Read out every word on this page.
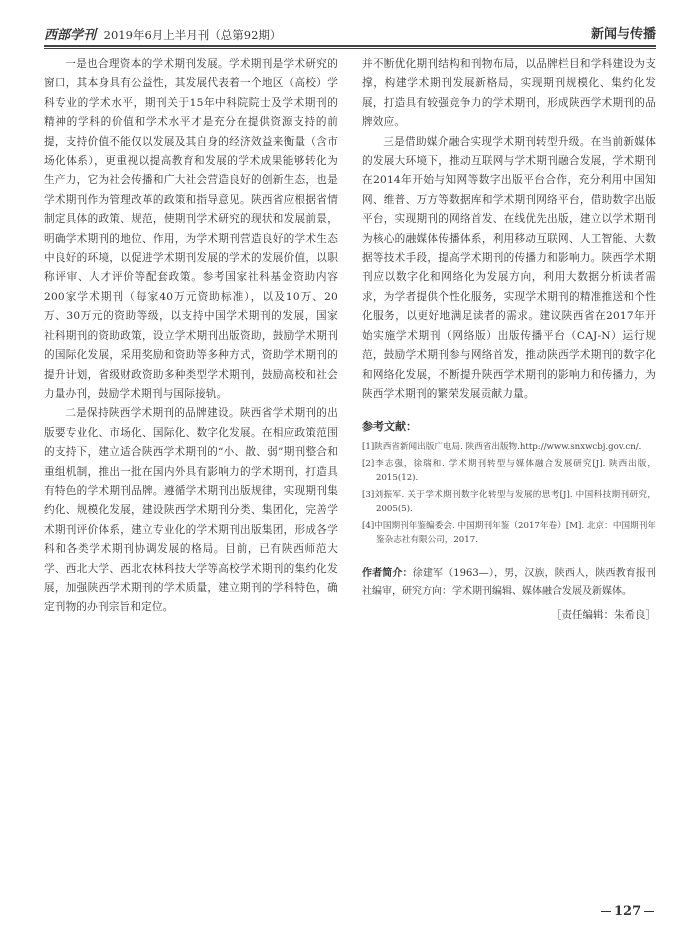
西部学刊 2019年6月上半月刊（总第92期）	新闻与传播

一是也合理资本的学术期刊发展。学术期刊是学术研究的窗口，其本身具有公益性，其发展代表着一个地区（高校）学科专业的学术水平，期刊关于15年中科院院士及学术期刊的精神的学科的价值和学术水平才是充分在提供资源支持的前提，支持价值不能仅以发展及其自身的经济效益来衡量（含市场化体系），更重视以提高教育和发展的学术成果能够转化为生产力，它为社会传播和广大社会营造良好的创新生态，也是学术期刊作为管理改革的政策和指导意见。陕西省应根据省情制定具体的政策、规范，使期刊学术研究的现状和发展前景，明确学术期刊的地位、作用，为学术期刊营造良好的学术生态中良好的环境，以促进学术期刊发展的学术的发展价值，以职称评审、人才评价等配套政策。参考国家社科基金资助内容200家学术期刊（每家40万元资助标准），以及10万、20万、30万元的资助等级，以支持中国学术期刊的发展，国家社科期刊的资助政策，设立学术期刊出版资助，鼓励学术期刊的国际化发展，采用奖励和资助等多种方式，资助学术期刊的提升计划，省级财政资助多种类型学术期刊，鼓励高校和社会力量办刊，鼓励学术期刊与国际接轨。

二是保持陕西学术期刊的品牌建设。陕西省学术期刊的出版要专业化、市场化、国际化、数字化发展。在相应政策范围的支持下，建立适合陕西学术期刊的“小、散、弱”期刊整合和重组机制，推出一批在国内外具有影响力的学术期刊，打造具有特色的学术期刊品牌。遵循学术期刊出版规律，实现期刊集约化、规模化发展，建设陕西学术期刊分类、集团化，完善学术期刊评价体系，建立专业化的学术期刊出版集团，形成各学科和各类学术期刊协调发展的格局。目前，已有陕西师范大学、西北大学、西北农林科技大学等高校学术期刊的集约化发展，加强陕西学术期刊的学术质量，建立期刊的学科特色，确定刊物的办刊宗旨和定位。

并不断优化期刊结构和刊物布局，以品牌栏目和学科建设为支撑，构建学术期刊发展新格局，实现期刊规模化、集约化发展，打造具有较强竞争力的学术期刊，形成陕西学术期刊的品牌效应。

三是借助媒介融合实现学术期刊转型升级。在当前新媒体的发展大环境下，推动互联网与学术期刊融合发展，学术期刊在2014年开始与知网等数字出版平台合作，充分利用中国知网、维普、万方等数据库和学术期刊网络平台，借助数字出版平台，实现期刊的网络首发、在线优先出版，建立以学术期刊为核心的融媒体传播体系，利用移动互联网、人工智能、大数据等技术手段，提高学术期刊的传播力和影响力。陕西学术期刊应以数字化和网络化为发展方向，利用大数据分析读者需求，为学者提供个性化服务，实现学术期刊的精准推送和个性化服务，以更好地满足读者的需求。建议陕西省在2017年开始实施学术期刊（网络版）出版传播平台（CAJ-N）运行规范，鼓励学术期刊参与网络首发，推动陕西学术期刊的数字化和网络化发展，不断提升陕西学术期刊的影响力和传播力，为陕西学术期刊的繁荣发展贡献力量。

参考文献：

[1]陕西省新闻出版广电局. 陕西省出版物.http://www.snxwcbj.gov.cn/.

[2]李志强，徐瑞和. 学术期刊转型与媒体融合发展研究[J]. 陕西出版，2015(12).

[3]刘振军. 关于学术期刊数字化转型与发展的思考[J]. 中国科技期刊研究，2005(5).

[4]中国期刊年鉴编委会. 中国期刊年鉴（2017年卷）[M]. 北京：中国期刊年鉴杂志社有限公司，2017.

作者简介：徐建军（1963—），男，汉族，陕西人，陕西教育报刊社编审，研究方向：学术期刊编辑、媒体融合发展及新媒体。
［责任编辑：朱希良］
127
